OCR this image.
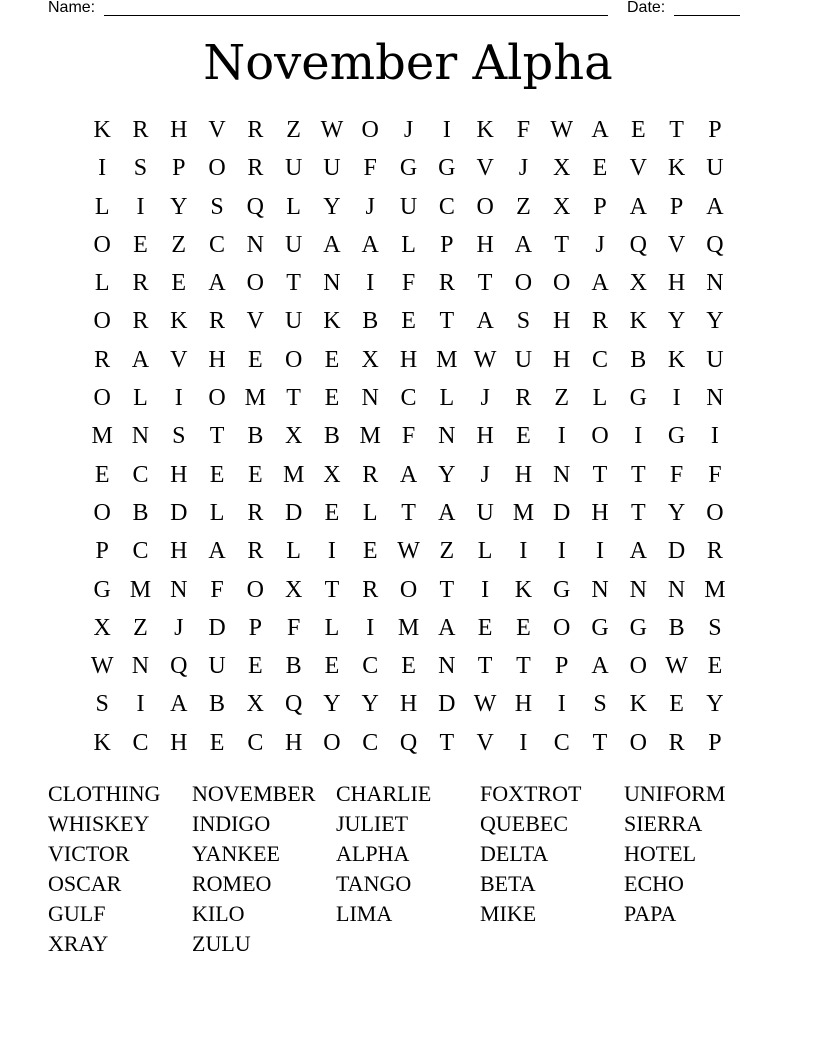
Name:	Date:
November Alpha
K R H V R Z W O	J	I	K F W A E T	P
I	S	P O R U U F G G V	J	X E V K U
L	I	Y S Q L Y	J	U C O Z X P A P A
O E Z C N U A A L	P H A T	J	Q V Q
L R E A O T N	I	F R T O O A X H N
O R K R V U K B E T A S H R K Y Y
R A V H E O E X H M W U H C B K U
O L	I	O M T E N C L	J	R Z L G	I	N
M N S	T B X B M F N H E	I	O	I	G	I
E C H E E M X R A Y	J	H N T T	F	F
O B D L R D E L T A U M D H T Y O
P C H A R L	I	E W Z L	I	I	I	A D R
G M N F O X T R O T	I	K G N N N M
X Z	J	D P	F	L	I M A E E O G G B S
W N Q U E B E C E N T T	P A O W E
S	I	A B X Q Y Y H D W H	I	S K E Y
K C H E C H O C Q T V	I	C T O R P
CLOTHING	NOVEMBER CHARLIE	FOXTROT	UNIFORM
WHISKEY	INDIGO	JULIET	QUEBEC	SIERRA
VICTOR	YANKEE	ALPHA	DELTA	HOTEL
OSCAR	ROMEO	TANGO	BETA	ECHO
GULF	KILO	LIMA	MIKE	PAPA
XRAY	ZULU
